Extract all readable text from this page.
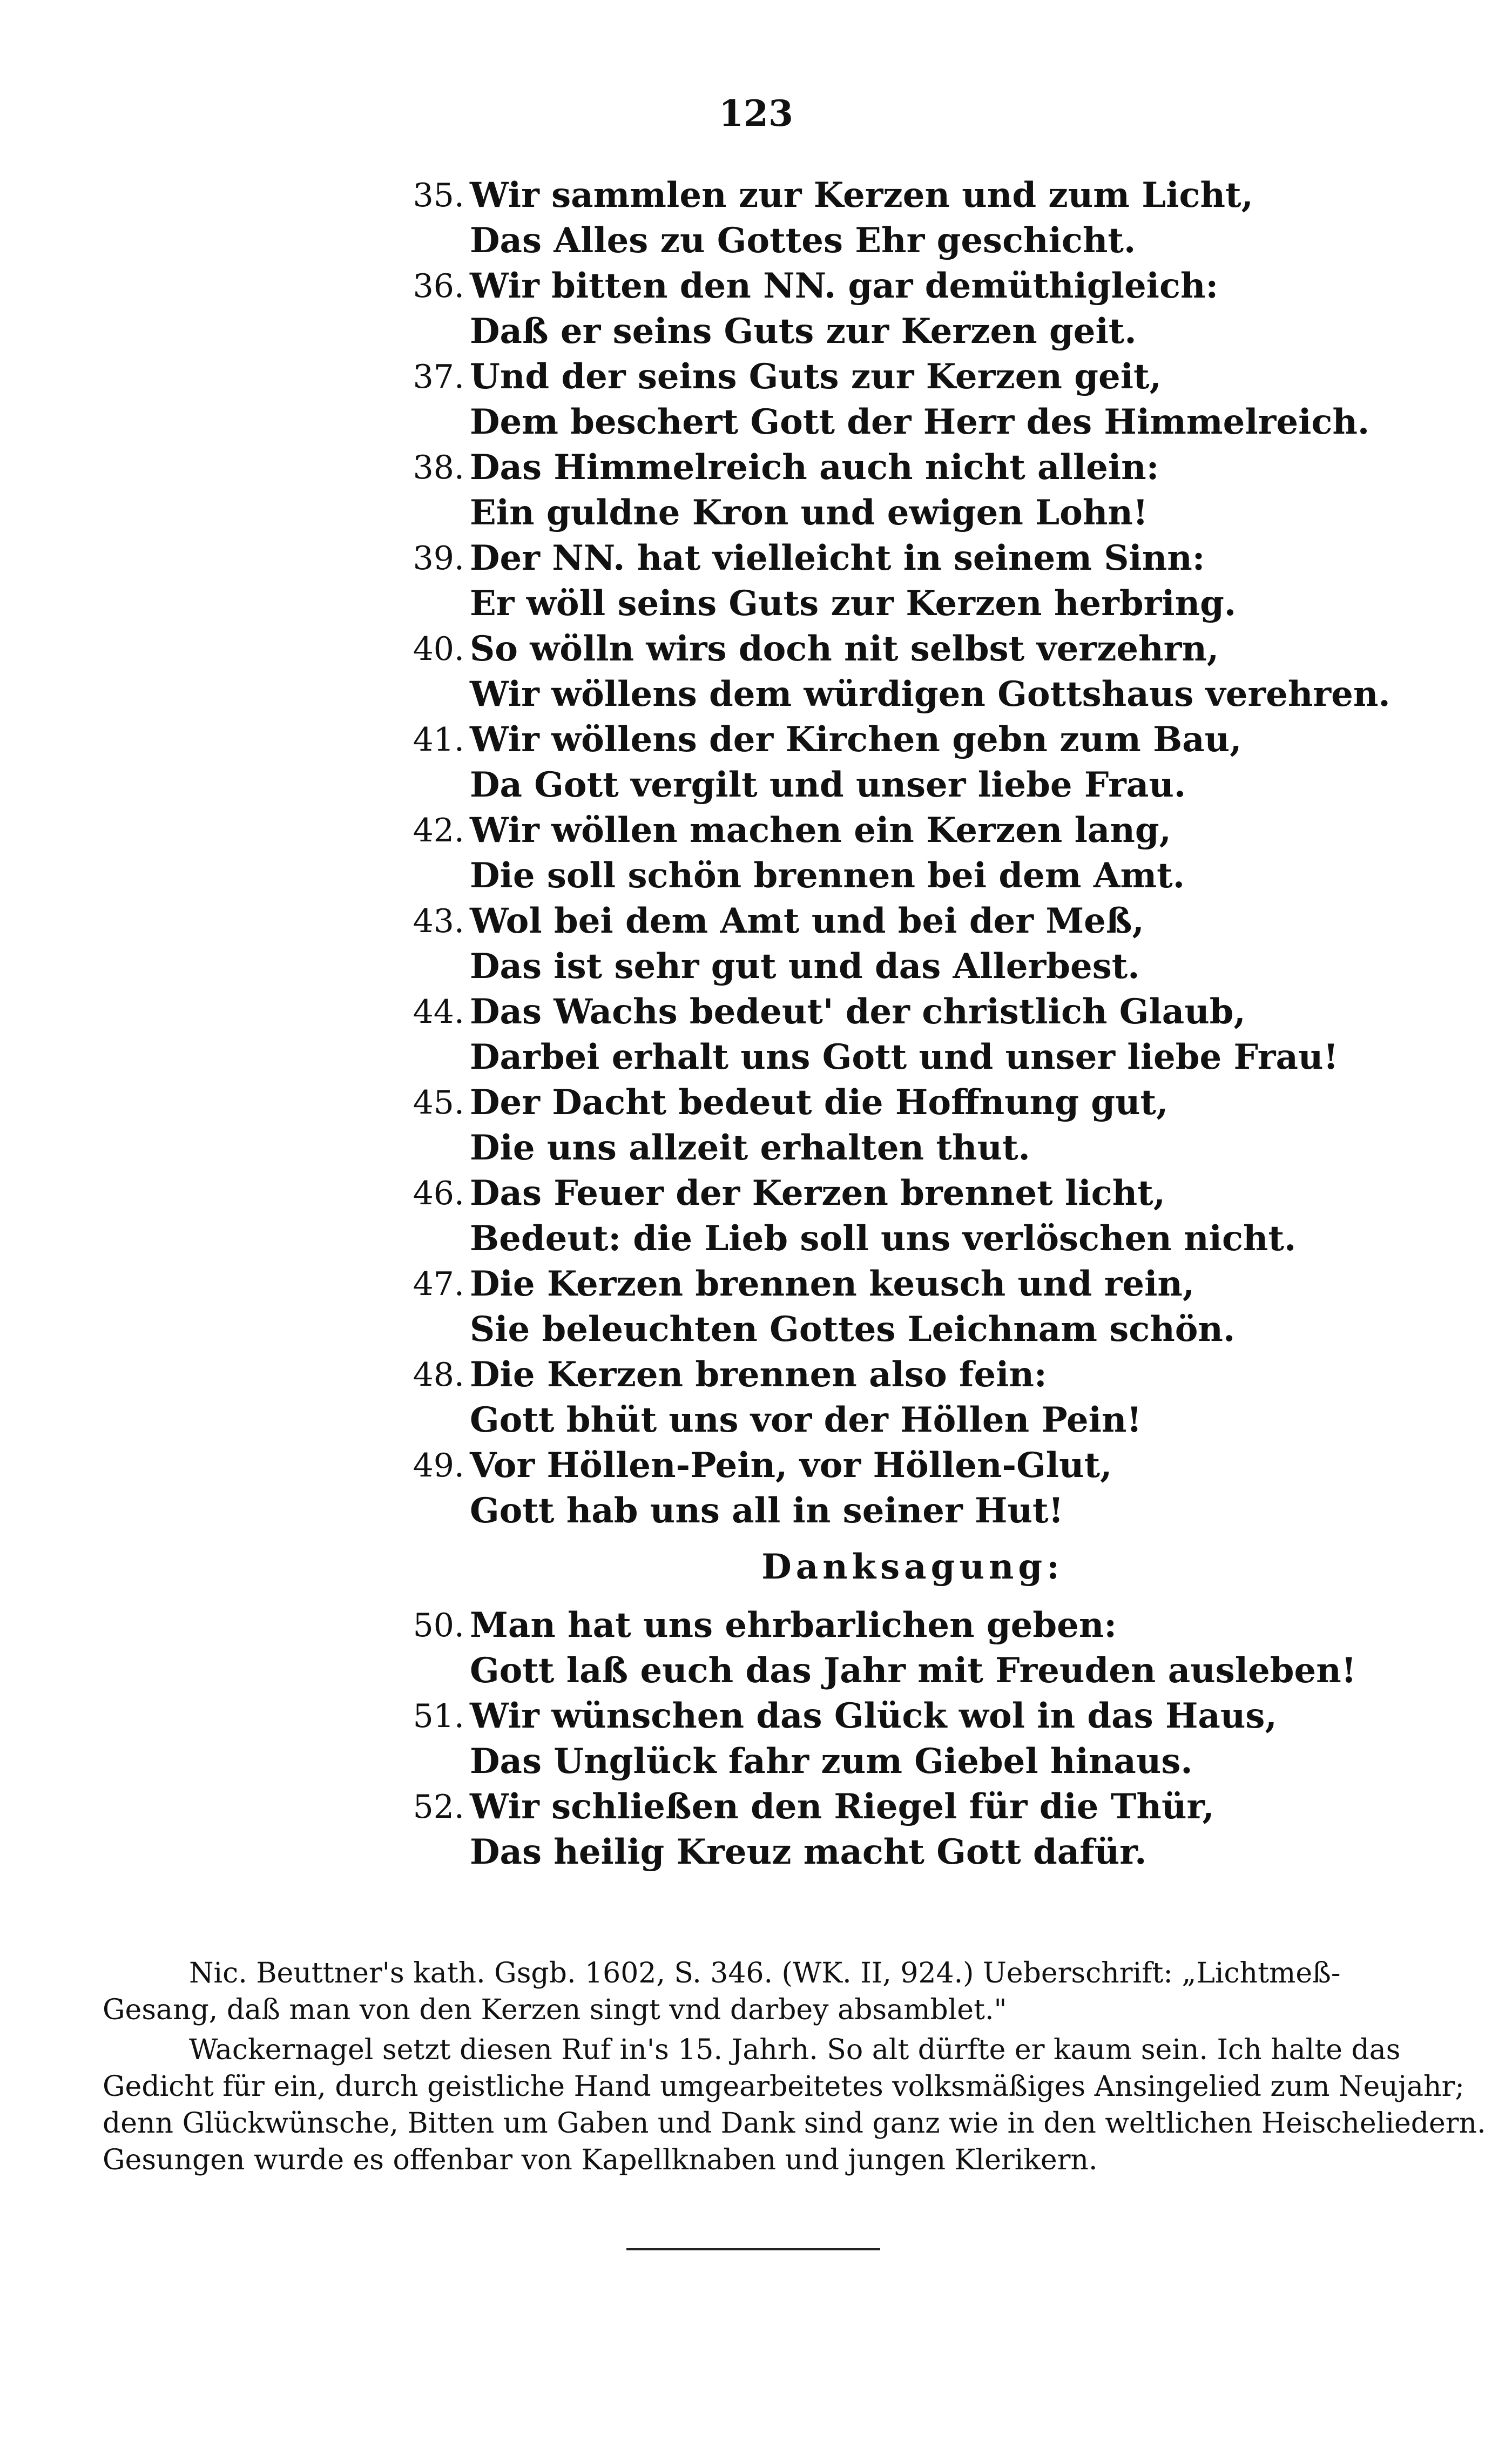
123
35. Wir sammlen zur Kerzen und zum Licht,
Das Alles zu Gottes Ehr geschicht.
36. Wir bitten den NN. gar demüthigleich:
Daß er seins Guts zur Kerzen geit.
37. Und der seins Guts zur Kerzen geit,
Dem beschert Gott der Herr des Himmelreich.
38. Das Himmelreich auch nicht allein:
Ein guldne Kron und ewigen Lohn!
39. Der NN. hat vielleicht in seinem Sinn:
Er wöll seins Guts zur Kerzen herbring.
40. So wölln wirs doch nit selbst verzehrn,
Wir wöllens dem würdigen Gottshaus verehren.
41. Wir wöllens der Kirchen gebn zum Bau,
Da Gott vergilt und unser liebe Frau.
42. Wir wöllen machen ein Kerzen lang,
Die soll schön brennen bei dem Amt.
43. Wol bei dem Amt und bei der Meß,
Das ist sehr gut und das Allerbest.
44. Das Wachs bedeut' der christlich Glaub,
Darbei erhalt uns Gott und unser liebe Frau!
45. Der Dacht bedeut die Hoffnung gut,
Die uns allzeit erhalten thut.
46. Das Feuer der Kerzen brennet licht,
Bedeut: die Lieb soll uns verlöschen nicht.
47. Die Kerzen brennen keusch und rein,
Sie beleuchten Gottes Leichnam schön.
48. Die Kerzen brennen also fein:
Gott bhüt uns vor der Höllen Pein!
49. Vor Höllen-Pein, vor Höllen-Glut,
Gott hab uns all in seiner Hut!
Danksagung:
50. Man hat uns ehrbarlichen geben:
Gott laß euch das Jahr mit Freuden ausleben!
51. Wir wünschen das Glück wol in das Haus,
Das Unglück fahr zum Giebel hinaus.
52. Wir schließen den Riegel für die Thür,
Das heilig Kreuz macht Gott dafür.
Nic. Beuttner's kath. Gsgb. 1602, S. 346. (WK. II, 924.) Ueberschrift: „Lichtmeß-
Gesang, daß man von den Kerzen singt vnd darbey absamblet."
Wackernagel setzt diesen Ruf in's 15. Jahrh. So alt dürfte er kaum sein. Ich halte das
Gedicht für ein, durch geistliche Hand umgearbeitetes volksmäßiges Ansingelied zum Neujahr;
denn Glückwünsche, Bitten um Gaben und Dank sind ganz wie in den weltlichen Heischeliedern.
Gesungen wurde es offenbar von Kapellknaben und jungen Klerikern.
